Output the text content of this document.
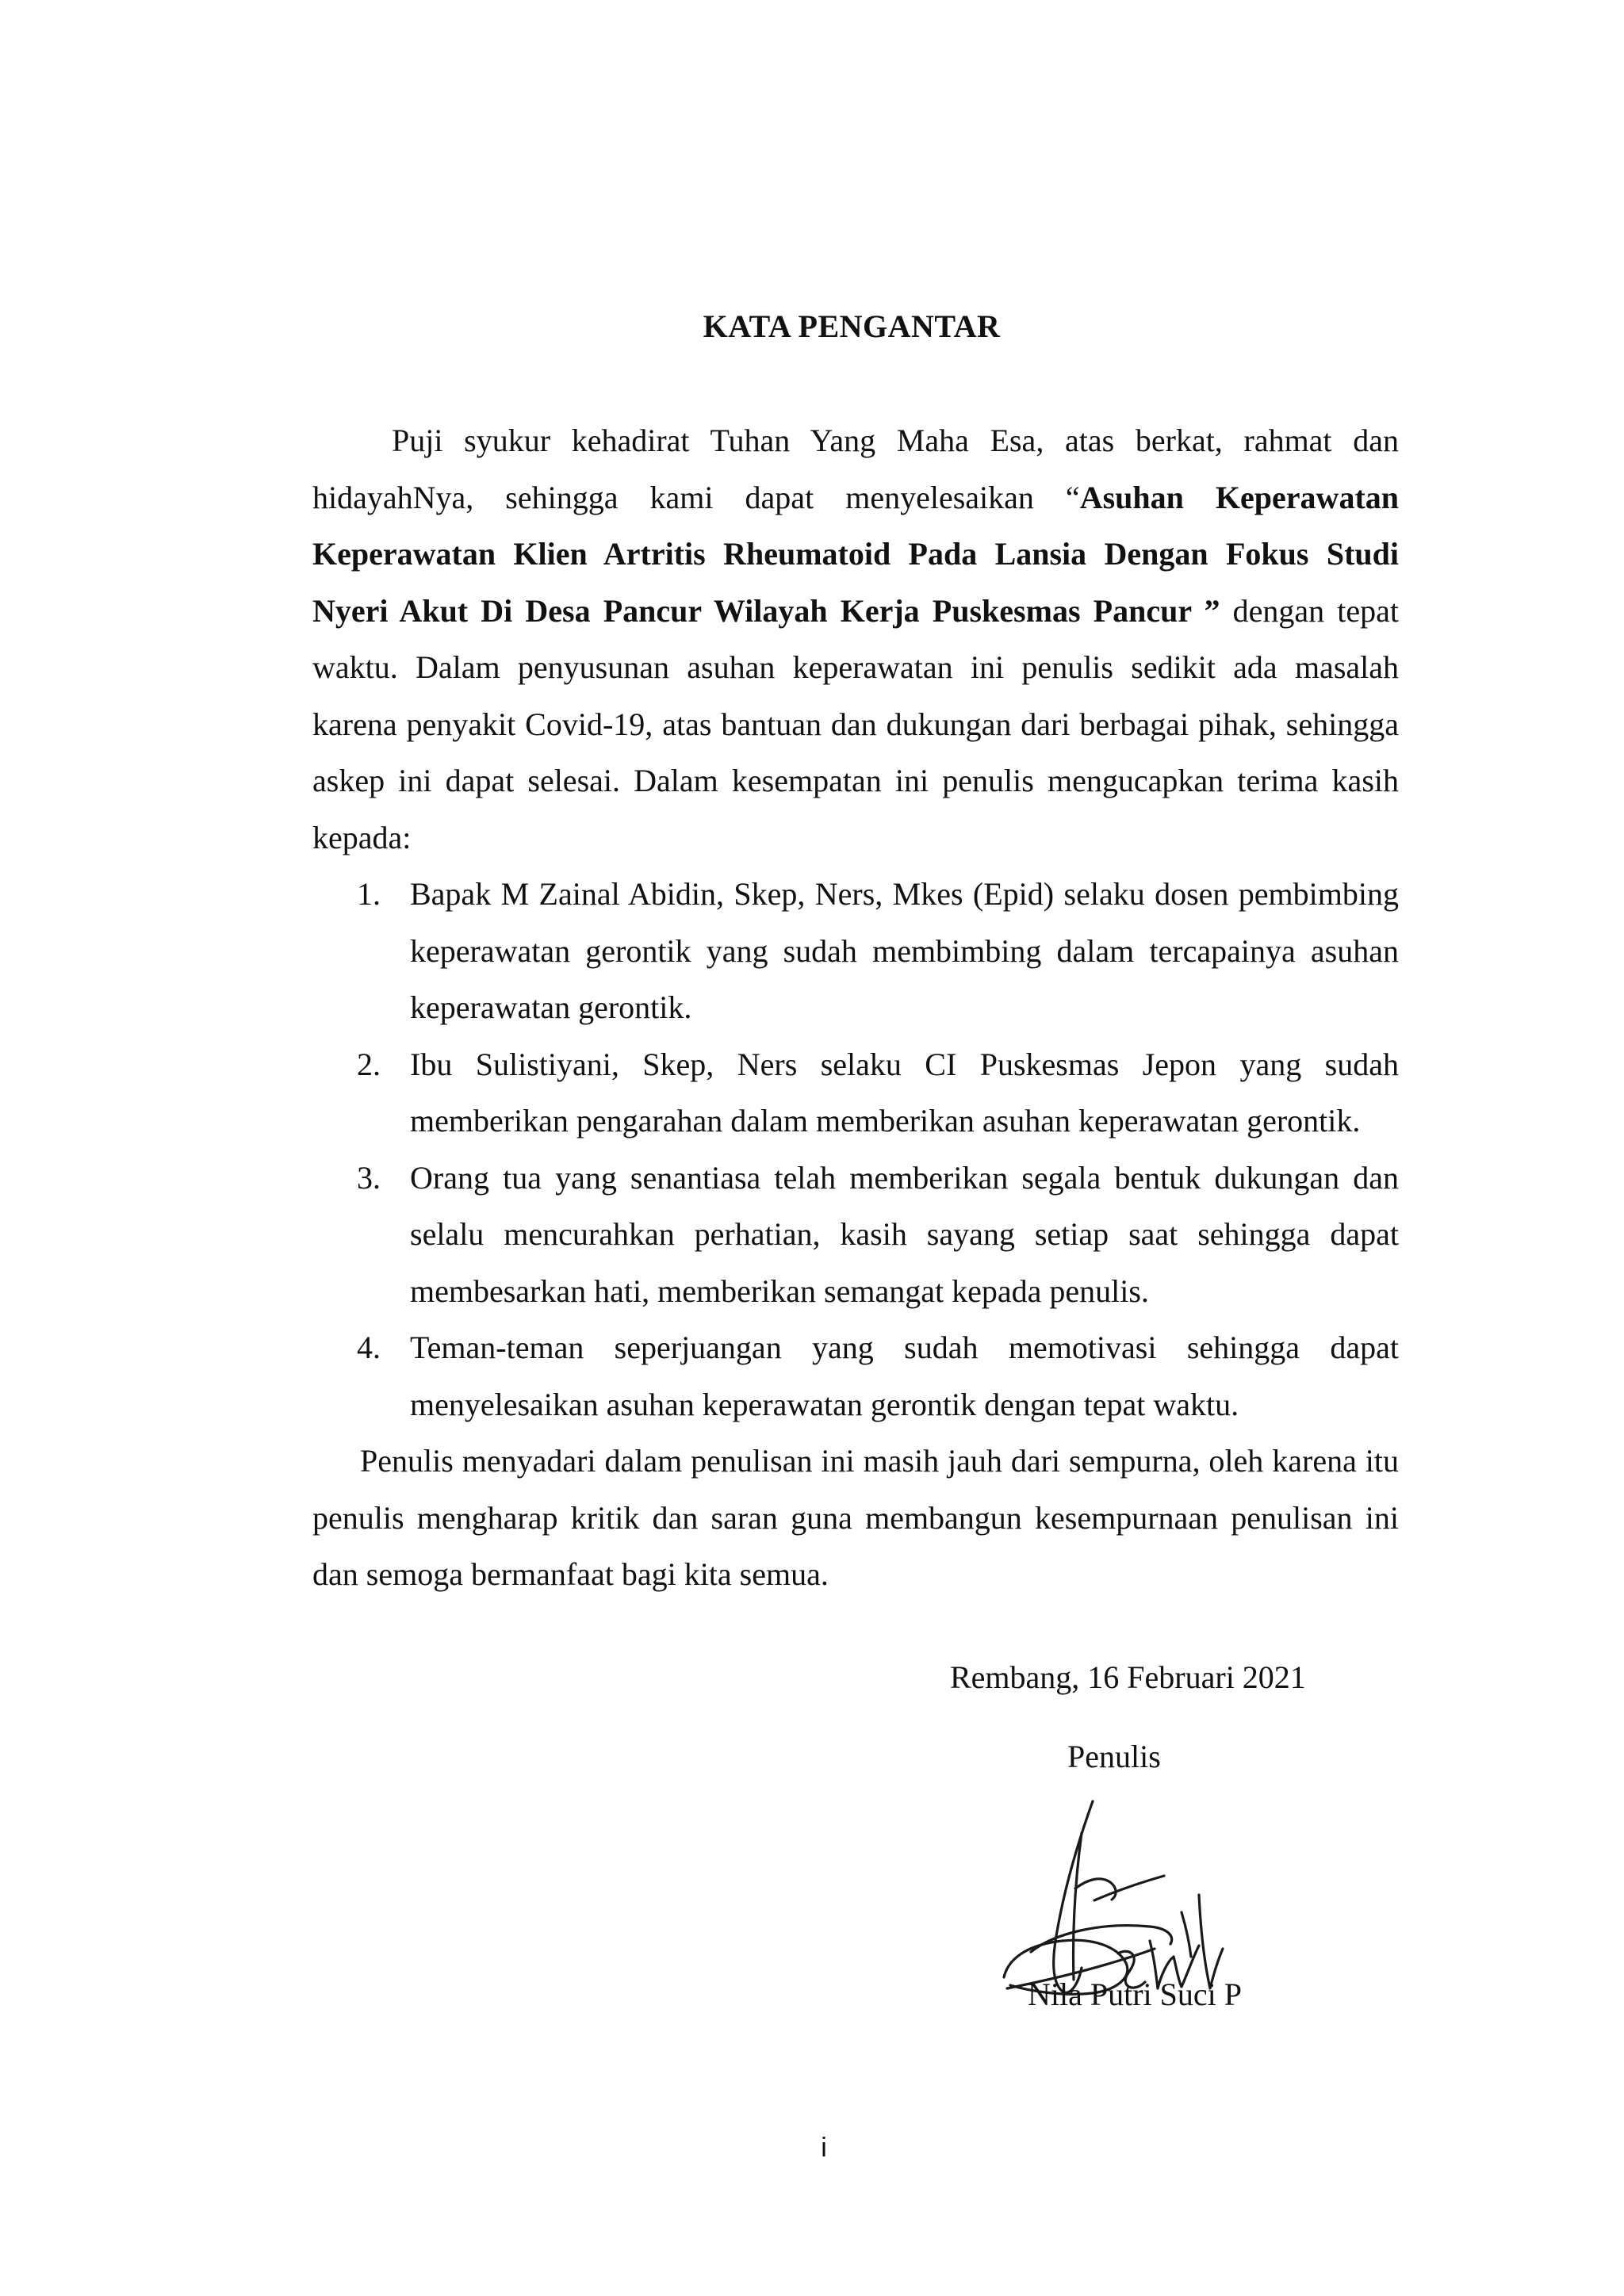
KATA PENGANTAR

Puji syukur kehadirat Tuhan Yang Maha Esa, atas berkat, rahmat dan hidayahNya, sehingga kami dapat menyelesaikan “Asuhan Keperawatan Keperawatan Klien Artritis Rheumatoid Pada Lansia Dengan Fokus Studi Nyeri Akut Di Desa Pancur Wilayah Kerja Puskesmas Pancur ” dengan tepat waktu. Dalam penyusunan asuhan keperawatan ini penulis sedikit ada masalah karena penyakit Covid-19, atas bantuan dan dukungan dari berbagai pihak, sehingga askep ini dapat selesai. Dalam kesempatan ini penulis mengucapkan terima kasih kepada:

1. Bapak M Zainal Abidin, Skep, Ners, Mkes (Epid) selaku dosen pembimbing keperawatan gerontik yang sudah membimbing dalam tercapainya asuhan keperawatan gerontik.
2. Ibu Sulistiyani, Skep, Ners selaku CI Puskesmas Jepon yang sudah memberikan pengarahan dalam memberikan asuhan keperawatan gerontik.
3. Orang tua yang senantiasa telah memberikan segala bentuk dukungan dan selalu mencurahkan perhatian, kasih sayang setiap saat sehingga dapat membesarkan hati, memberikan semangat kepada penulis.
4. Teman-teman seperjuangan yang sudah memotivasi sehingga dapat menyelesaikan asuhan keperawatan gerontik dengan tepat waktu.

Penulis menyadari dalam penulisan ini masih jauh dari sempurna, oleh karena itu penulis mengharap kritik dan saran guna membangun kesempurnaan penulisan ini dan semoga bermanfaat bagi kita semua.

Rembang, 16 Februari 2021
Penulis
Nila Putri Suci P
i
